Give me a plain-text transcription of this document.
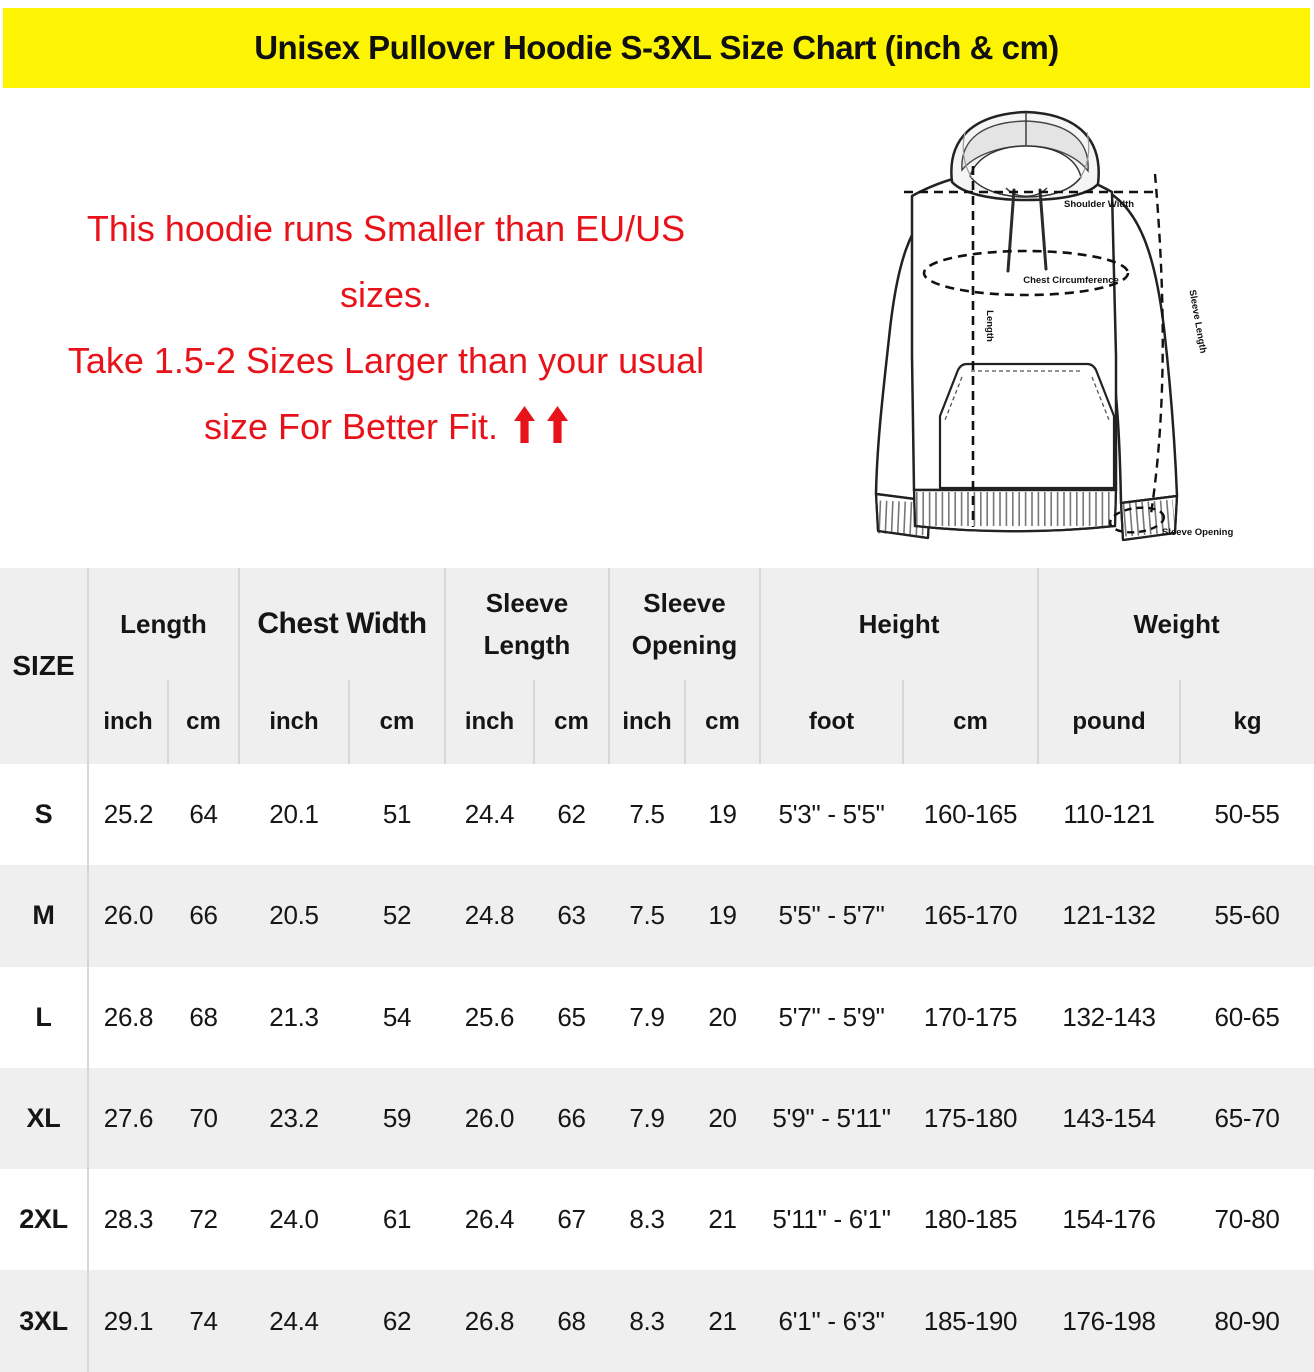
Unisex Pullover Hoodie S-3XL Size Chart (inch & cm)
This hoodie runs Smaller than EU/US
sizes.
Take 1.5-2 Sizes Larger than your usual
size For Better Fit.
Shoulder Width
Chest Circumference
Length	Sleeve Length
Sleeve Opening
SIZE	Length		Chest Width		Sleeve Length		Sleeve Opening		Height		Weight	
	inch	cm	inch	cm	inch	cm	inch	cm	foot	cm	pound	kg
S	25.2	64	20.1	51	24.4	62	7.5	19	5'3" - 5'5"	160-165	110-121	50-55
M	26.0	66	20.5	52	24.8	63	7.5	19	5'5" - 5'7"	165-170	121-132	55-60
L	26.8	68	21.3	54	25.6	65	7.9	20	5'7" - 5'9"	170-175	132-143	60-65
XL	27.6	70	23.2	59	26.0	66	7.9	20	5'9" - 5'11"	175-180	143-154	65-70
2XL	28.3	72	24.0	61	26.4	67	8.3	21	5'11" - 6'1"	180-185	154-176	70-80
3XL	29.1	74	24.4	62	26.8	68	8.3	21	6'1" - 6'3"	185-190	176-198	80-90
